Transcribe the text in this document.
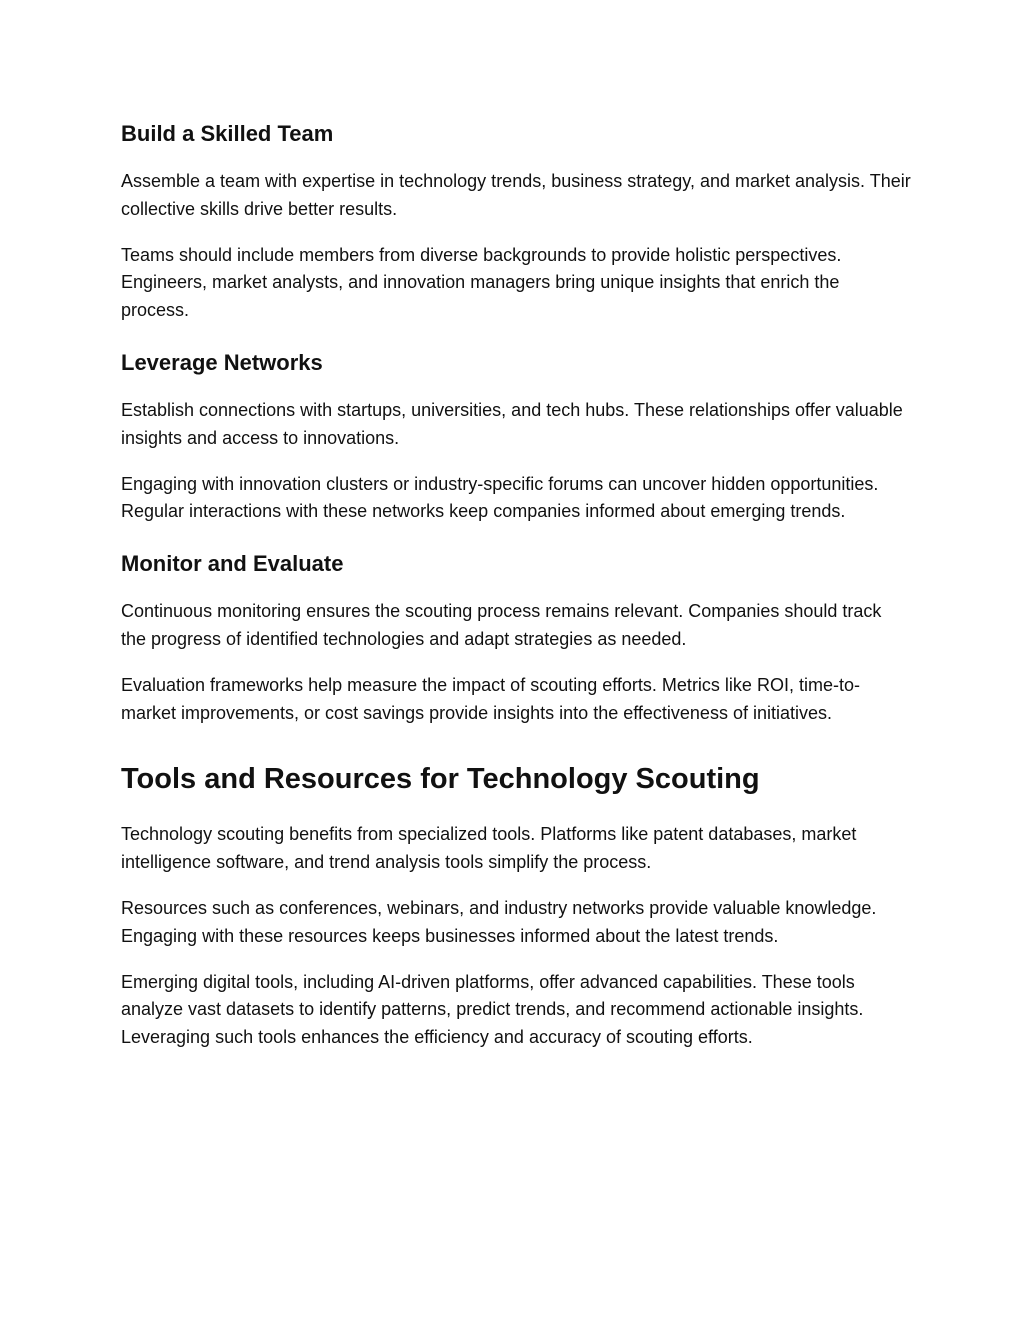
Build a Skilled Team

Assemble a team with expertise in technology trends, business strategy, and market analysis. Their collective skills drive better results.

Teams should include members from diverse backgrounds to provide holistic perspectives. Engineers, market analysts, and innovation managers bring unique insights that enrich the process.

Leverage Networks

Establish connections with startups, universities, and tech hubs. These relationships offer valuable insights and access to innovations.

Engaging with innovation clusters or industry-specific forums can uncover hidden opportunities. Regular interactions with these networks keep companies informed about emerging trends.

Monitor and Evaluate

Continuous monitoring ensures the scouting process remains relevant. Companies should track the progress of identified technologies and adapt strategies as needed.

Evaluation frameworks help measure the impact of scouting efforts. Metrics like ROI, time-to-market improvements, or cost savings provide insights into the effectiveness of initiatives.

Tools and Resources for Technology Scouting

Technology scouting benefits from specialized tools. Platforms like patent databases, market intelligence software, and trend analysis tools simplify the process.

Resources such as conferences, webinars, and industry networks provide valuable knowledge. Engaging with these resources keeps businesses informed about the latest trends.

Emerging digital tools, including AI-driven platforms, offer advanced capabilities. These tools analyze vast datasets to identify patterns, predict trends, and recommend actionable insights. Leveraging such tools enhances the efficiency and accuracy of scouting efforts.
